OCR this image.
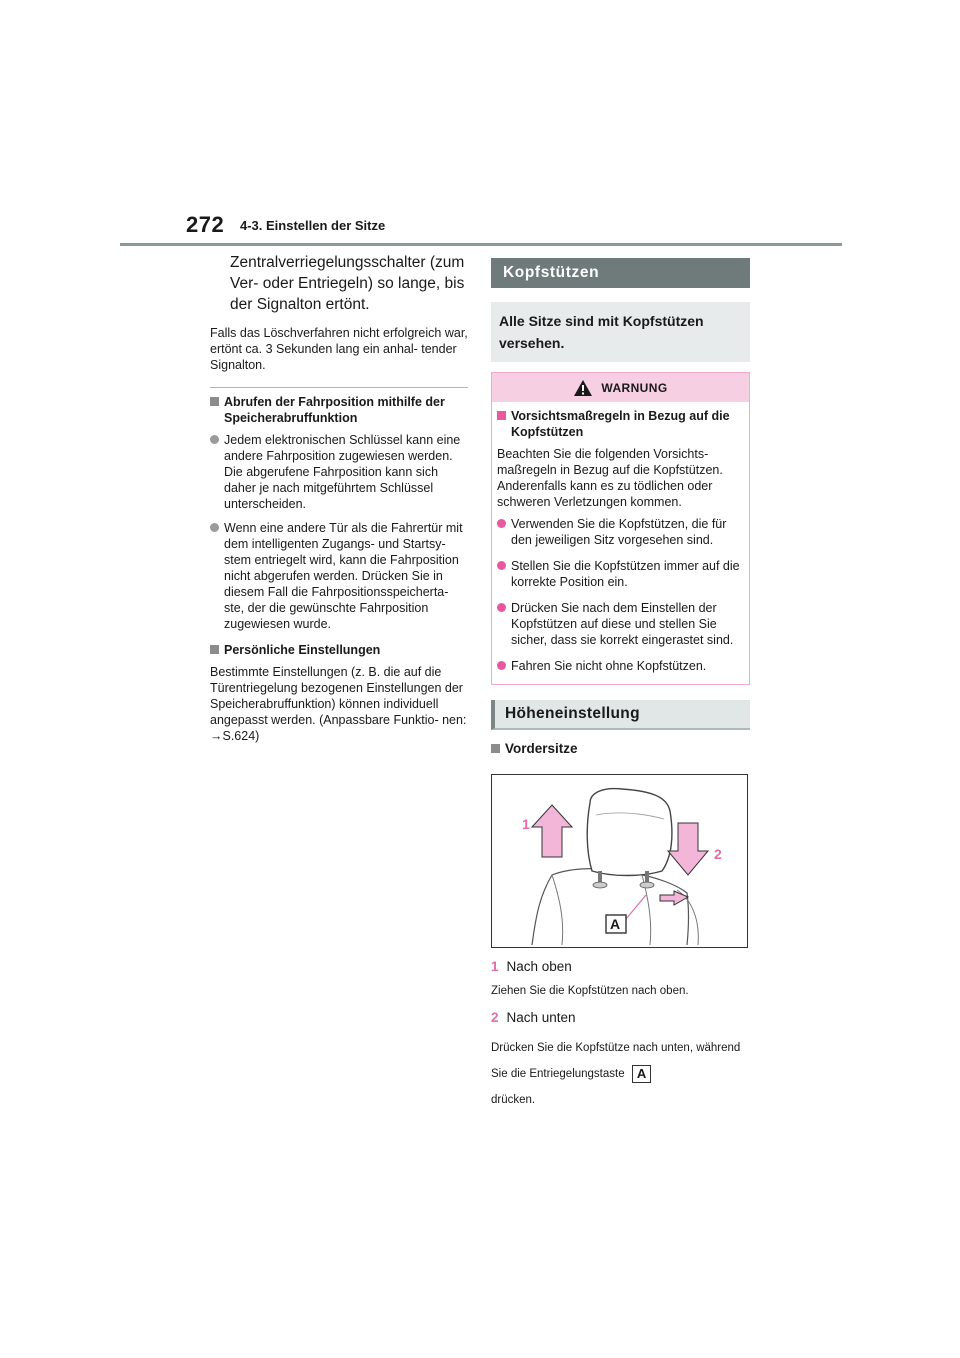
272 4-3. Einstellen der Sitze

Zentralverriegelungsschalter (zum Ver- oder Entriegeln) so lange, bis der Signalton ertönt.

Falls das Löschverfahren nicht erfolgreich war, ertönt ca. 3 Sekunden lang ein anhal- tender Signalton.

Abrufen der Fahrposition mithilfe der Speicherabruffunktion
Jedem elektronischen Schlüssel kann eine andere Fahrposition zugewiesen werden. Die abgerufene Fahrposition kann sich daher je nach mitgeführtem Schlüssel unterscheiden.
Wenn eine andere Tür als die Fahrertür mit dem intelligenten Zugangs- und Startsy- stem entriegelt wird, kann die Fahrposition nicht abgerufen werden. Drücken Sie in diesem Fall die Fahrpositionsspeicherta- ste, der die gewünschte Fahrposition zugewiesen wurde.
Persönliche Einstellungen

Bestimmte Einstellungen (z. B. die auf die Türentriegelung bezogenen Einstellungen der Speicherabruffunktion) können individuell angepasst werden. (Anpassbare Funktio- nen: →S.624)

Kopfstützen
Alle Sitze sind mit Kopfstützen versehen.
WARNUNG
Vorsichtsmaßregeln in Bezug auf die Kopfstützen

Beachten Sie die folgenden Vorsichts- maßregeln in Bezug auf die Kopfstützen. Anderenfalls kann es zu tödlichen oder schweren Verletzungen kommen.

Verwenden Sie die Kopfstützen, die für den jeweiligen Sitz vorgesehen sind.
Stellen Sie die Kopfstützen immer auf die korrekte Position ein.
Drücken Sie nach dem Einstellen der Kopfstützen auf diese und stellen Sie sicher, dass sie korrekt eingerastet sind.
Fahren Sie nicht ohne Kopfstützen.
Höheneinstellung
Vordersitze
1
2
A
1 Nach oben
Ziehen Sie die Kopfstützen nach oben.
2 Nach unten
Drücken Sie die Kopfstütze nach unten, während Sie die Entriegelungstaste A
drücken.
